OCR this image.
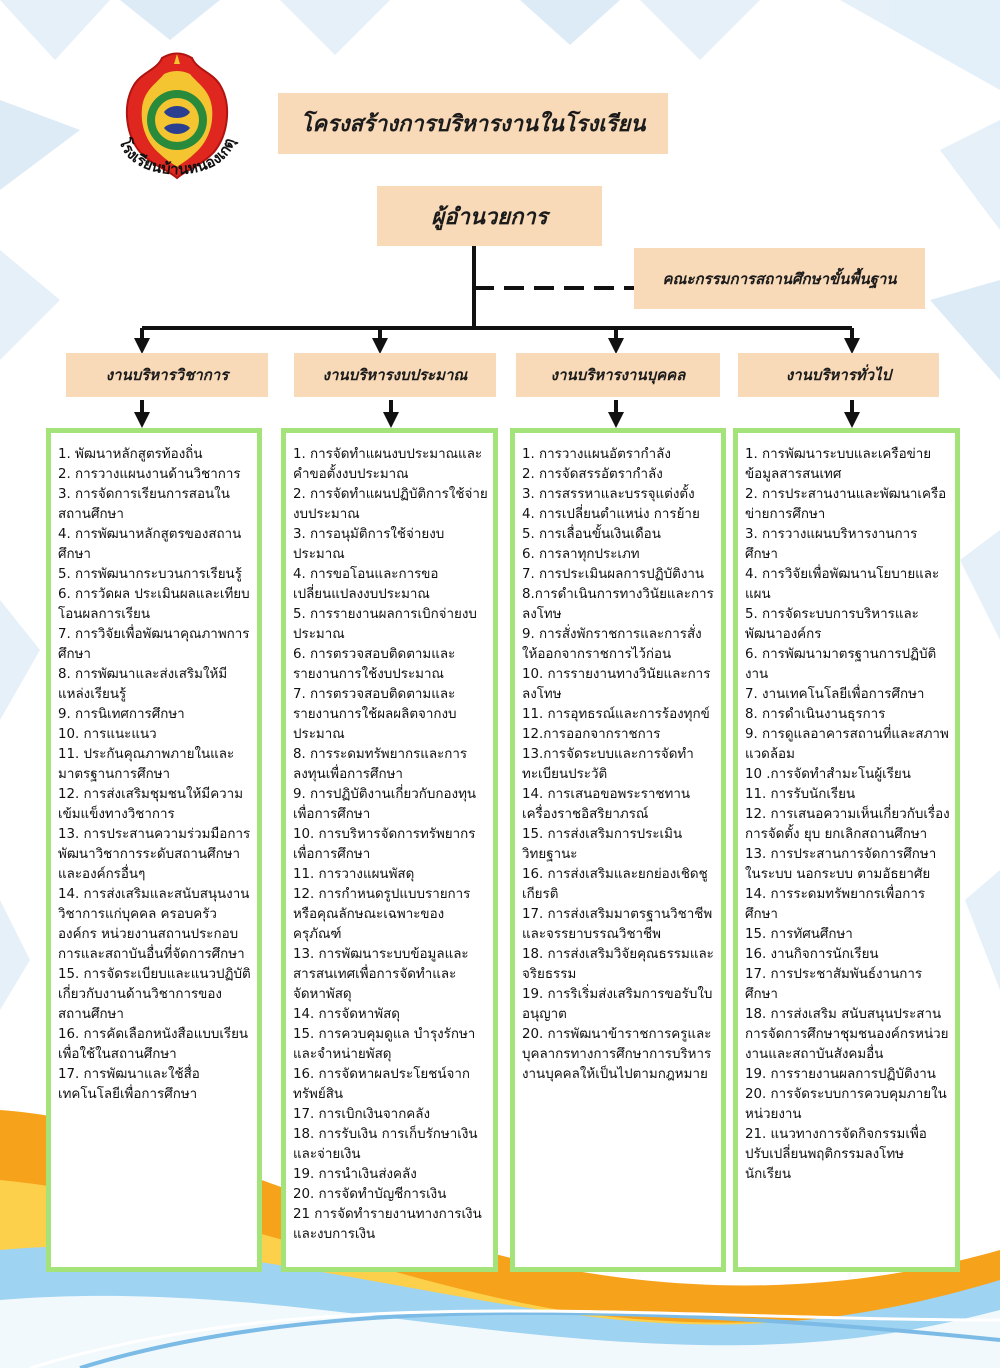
โรงเรียนบ้านหนองเกตุ
โครงสร้างการบริหารงานในโรงเรียน
ผู้อำนวยการ
คณะกรรมการสถานศึกษาขั้นพื้นฐาน
งานบริหารวิชาการ	งานบริหารงบประมาณ	งานบริหารงานบุคคล	งานบริหารทั่วไป
1. พัฒนาหลักสูตรท้องถิ่น
2. การวางแผนงานด้านวิชาการ
3. การจัดการเรียนการสอนในสถานศึกษา
4. การพัฒนาหลักสูตรของสถานศึกษา
5. การพัฒนากระบวนการเรียนรู้
6. การวัดผล ประเมินผลและเทียบโอนผลการเรียน
7. การวิจัยเพื่อพัฒนาคุณภาพการศึกษา
8. การพัฒนาและส่งเสริมให้มีแหล่งเรียนรู้
9. การนิเทศการศึกษา
10. การแนะแนว
11. ประกันคุณภาพภายในและมาตรฐานการศึกษา
12. การส่งเสริมชุมชนให้มีความเข้มแข็งทางวิชาการ
13. การประสานความร่วมมือการพัฒนาวิชาการระดับสถานศึกษาและองค์กรอื่นๆ
14. การส่งเสริมและสนับสนุนงานวิชาการแก่บุคคล ครอบครัว องค์กร หน่วยงานสถานประกอบการและสถาบันอื่นที่จัดการศึกษา
15. การจัดระเบียบและแนวปฏิบัติเกี่ยวกับงานด้านวิชาการของสถานศึกษา
16. การคัดเลือกหนังสือแบบเรียนเพื่อใช้ในสถานศึกษา
17. การพัฒนาและใช้สื่อเทคโนโลยีเพื่อการศึกษา
1. การจัดทำแผนงบประมาณและคำขอตั้งงบประมาณ
2. การจัดทำแผนปฏิบัติการใช้จ่ายงบประมาณ
3. การอนุมัติการใช้จ่ายงบประมาณ
4. การขอโอนและการขอเปลี่ยนแปลงงบประมาณ
5. การรายงานผลการเบิกจ่ายงบประมาณ
6. การตรวจสอบติดตามและรายงานการใช้งบประมาณ
7. การตรวจสอบติดตามและรายงานการใช้ผลผลิตจากงบประมาณ
8. การระดมทรัพยากรและการลงทุนเพื่อการศึกษา
9. การปฏิบัติงานเกี่ยวกับกองทุนเพื่อการศึกษา
10. การบริหารจัดการทรัพยากรเพื่อการศึกษา
11. การวางแผนพัสดุ
12. การกำหนดรูปแบบรายการหรือคุณลักษณะเฉพาะของครุภัณฑ์
13. การพัฒนาระบบข้อมูลและสารสนเทศเพื่อการจัดทำและจัดหาพัสดุ
14. การจัดหาพัสดุ
15. การควบคุมดูแล บำรุงรักษาและจำหน่ายพัสดุ
16. การจัดหาผลประโยชน์จากทรัพย์สิน
17. การเบิกเงินจากคลัง
18. การรับเงิน การเก็บรักษาเงิน และจ่ายเงิน
19. การนำเงินส่งคลัง
20. การจัดทำบัญชีการเงิน
21 การจัดทำรายงานทางการเงินและงบการเงิน
1. การวางแผนอัตรากำลัง
2. การจัดสรรอัตรากำลัง
3. การสรรหาและบรรจุแต่งตั้ง
4. การเปลี่ยนตำแหน่ง การย้าย
5. การเลื่อนขั้นเงินเดือน
6. การลาทุกประเภท
7. การประเมินผลการปฏิบัติงาน
8.การดำเนินการทางวินัยและการลงโทษ
9. การสั่งพักราชการและการสั่งให้ออกจากราชการไว้ก่อน
10. การรายงานทางวินัยและการลงโทษ
11. การอุทธรณ์และการร้องทุกข์
12.การออกจากราชการ
13.การจัดระบบและการจัดทำทะเบียนประวัติ
14. การเสนอขอพระราชทานเครื่องราชอิสริยาภรณ์
15. การส่งเสริมการประเมินวิทยฐานะ
16. การส่งเสริมและยกย่องเชิดชูเกียรติ
17. การส่งเสริมมาตรฐานวิชาชีพและจรรยาบรรณวิชาชีพ
18. การส่งเสริมวิจัยคุณธรรมและจริยธรรม
19. การริเริ่มส่งเสริมการขอรับใบอนุญาต
20. การพัฒนาข้าราชการครูและบุคลากรทางการศึกษาการบริหารงานบุคคลให้เป็นไปตามกฎหมาย
1. การพัฒนาระบบและเครือข่ายข้อมูลสารสนเทศ
2. การประสานงานและพัฒนาเครือข่ายการศึกษา
3. การวางแผนบริหารงานการศึกษา
4. การวิจัยเพื่อพัฒนานโยบายและแผน
5. การจัดระบบการบริหารและพัฒนาองค์กร
6. การพัฒนามาตรฐานการปฏิบัติงาน
7. งานเทคโนโลยีเพื่อการศึกษา
8. การดำเนินงานธุรการ
9. การดูแลอาคารสถานที่และสภาพแวดล้อม
10 .การจัดทำสำมะโนผู้เรียน
11. การรับนักเรียน
12. การเสนอความเห็นเกี่ยวกับเรื่องการจัดตั้ง ยุบ ยกเลิกสถานศึกษา
13. การประสานการจัดการศึกษาในระบบ นอกระบบ ตามอัธยาศัย
14. การระดมทรัพยากรเพื่อการศึกษา
15. การทัศนศึกษา
16. งานกิจการนักเรียน
17. การประชาสัมพันธ์งานการศึกษา
18. การส่งเสริม สนับสนุนประสานการจัดการศึกษาชุมชนองค์กรหน่วยงานและสถาบันสังคมอื่น
19. การรายงานผลการปฏิบัติงาน
20. การจัดระบบการควบคุมภายในหน่วยงาน
21. แนวทางการจัดกิจกรรมเพื่อปรับเปลี่ยนพฤติกรรมลงโทษนักเรียน
